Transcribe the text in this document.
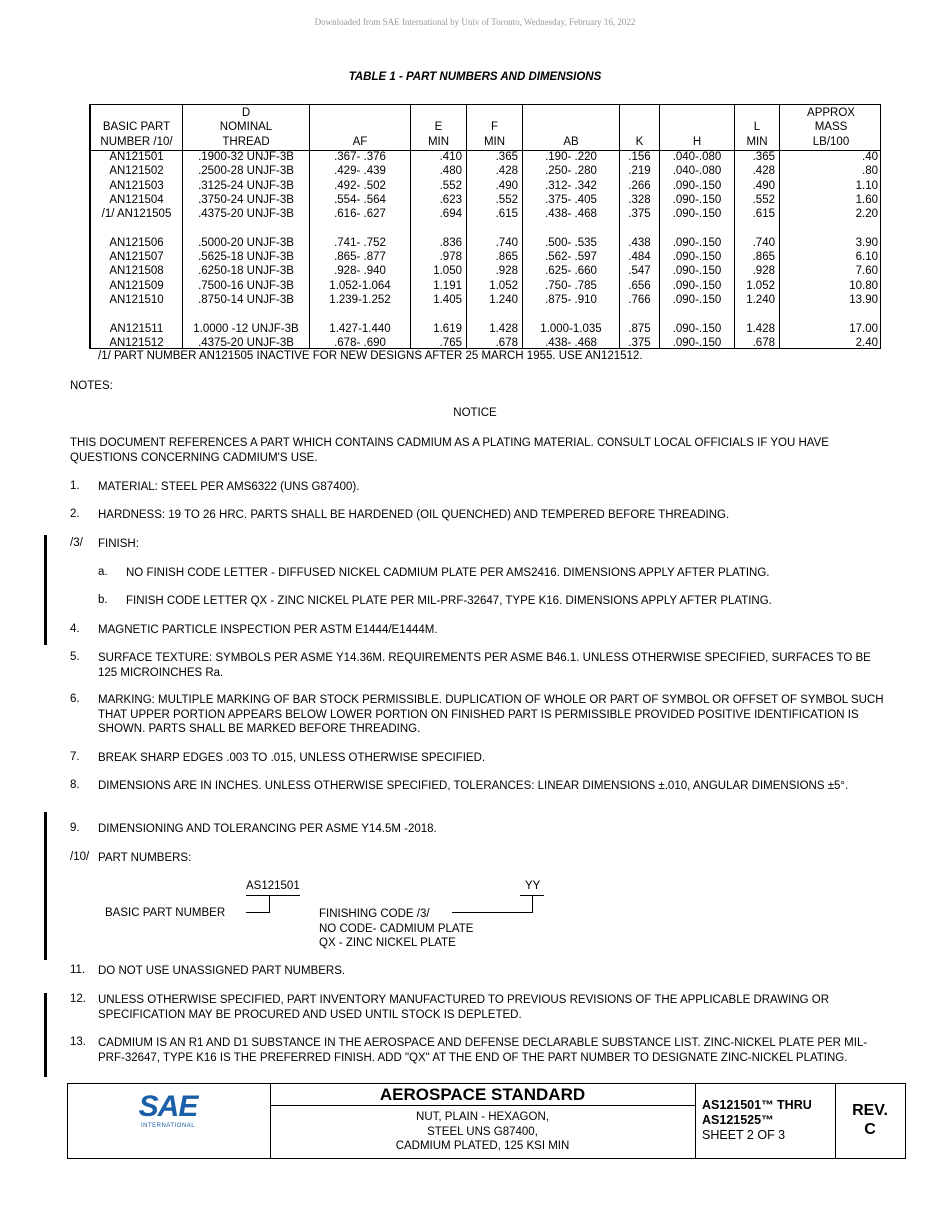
Downloaded from SAE International by Univ of Toronto, Wednesday, February 16, 2022
TABLE 1 - PART NUMBERS AND DIMENSIONS
BASIC PART
NUMBER /10/
AN121501
AN121502
AN121503
AN121504
/1/ AN121505
AN121506
AN121507
AN121508
AN121509
AN121510
AN121511
AN121512
D
NOMINAL
THREAD
.1900-32 UNJF-3B
.2500-28 UNJF-3B
.3125-24 UNJF-3B
.3750-24 UNJF-3B
.4375-20 UNJF-3B
.5000-20 UNJF-3B
.5625-18 UNJF-3B
.6250-18 UNJF-3B
.7500-16 UNJF-3B
.8750-14 UNJF-3B
1.0000 -12 UNJF-3B
.4375-20 UNJF-3B
AF
.367- .376
.429- .439
.492- .502
.554- .564
.616- .627
.741- .752
.865- .877
.928- .940
1.052-1.064
1.239-1.252
1.427-1.440
.678- .690
E
MIN
.410
.480
.552
.623
.694
.836
.978
1.050
1.191
1.405
1.619
.765
F
MIN
.365
.428
.490
.552
.615
.740
.865
.928
1.052
1.240
1.428
.678
AB
.190- .220
.250- .280
.312- .342
.375- .405
.438- .468
.500- .535
.562- .597
.625- .660
.750- .785
.875- .910
1.000-1.035
.438- .468
K
.156
.219
.266
.328
.375
.438
.484
.547
.656
.766
.875
.375
H
.040-.080
.040-.080
.090-.150
.090-.150
.090-.150
.090-.150
.090-.150
.090-.150
.090-.150
.090-.150
.090-.150
.090-.150
L
MIN
.365
.428
.490
.552
.615
.740
.865
.928
1.052
1.240
1.428
.678
APPROX
MASS
LB/100
.40
.80
1.10
1.60
2.20
3.90
6.10
7.60
10.80
13.90
17.00
2.40
/1/ PART NUMBER AN121505 INACTIVE FOR NEW DESIGNS AFTER 25 MARCH 1955. USE AN121512.
NOTES:
NOTICE
THIS DOCUMENT REFERENCES A PART WHICH CONTAINS CADMIUM AS A PLATING MATERIAL. CONSULT LOCAL OFFICIALS IF YOU HAVE QUESTIONS CONCERNING CADMIUM'S USE.
1. MATERIAL: STEEL PER AMS6322 (UNS G87400).
2. HARDNESS: 19 TO 26 HRC. PARTS SHALL BE HARDENED (OIL QUENCHED) AND TEMPERED BEFORE THREADING.
/3/ FINISH:
a. NO FINISH CODE LETTER - DIFFUSED NICKEL CADMIUM PLATE PER AMS2416. DIMENSIONS APPLY AFTER PLATING.
b. FINISH CODE LETTER QX - ZINC NICKEL PLATE PER MIL-PRF-32647, TYPE K16. DIMENSIONS APPLY AFTER PLATING.
4. MAGNETIC PARTICLE INSPECTION PER ASTM E1444/E1444M.
5. SURFACE TEXTURE: SYMBOLS PER ASME Y14.36M. REQUIREMENTS PER ASME B46.1. UNLESS OTHERWISE SPECIFIED, SURFACES TO BE 125 MICROINCHES Ra.
6. MARKING: MULTIPLE MARKING OF BAR STOCK PERMISSIBLE. DUPLICATION OF WHOLE OR PART OF SYMBOL OR OFFSET OF SYMBOL SUCH THAT UPPER PORTION APPEARS BELOW LOWER PORTION ON FINISHED PART IS PERMISSIBLE PROVIDED POSITIVE IDENTIFICATION IS SHOWN. PARTS SHALL BE MARKED BEFORE THREADING.
7. BREAK SHARP EDGES .003 TO .015, UNLESS OTHERWISE SPECIFIED.
8. DIMENSIONS ARE IN INCHES. UNLESS OTHERWISE SPECIFIED, TOLERANCES: LINEAR DIMENSIONS ±.010, ANGULAR DIMENSIONS ±5°.
9. DIMENSIONING AND TOLERANCING PER ASME Y14.5M -2018.
/10/ PART NUMBERS:
AS121501
BASIC PART NUMBER
YY
FINISHING CODE /3/
NO CODE- CADMIUM PLATE
QX - ZINC NICKEL PLATE
11. DO NOT USE UNASSIGNED PART NUMBERS.
12. UNLESS OTHERWISE SPECIFIED, PART INVENTORY MANUFACTURED TO PREVIOUS REVISIONS OF THE APPLICABLE DRAWING OR SPECIFICATION MAY BE PROCURED AND USED UNTIL STOCK IS DEPLETED.
13. CADMIUM IS AN R1 AND D1 SUBSTANCE IN THE AEROSPACE AND DEFENSE DECLARABLE SUBSTANCE LIST. ZINC-NICKEL PLATE PER MIL-PRF-32647, TYPE K16 IS THE PREFERRED FINISH. ADD "QX" AT THE END OF THE PART NUMBER TO DESIGNATE ZINC-NICKEL PLATING.
SAE
INTERNATIONAL
AEROSPACE STANDARD
NUT, PLAIN - HEXAGON,
STEEL UNS G87400,
CADMIUM PLATED, 125 KSI MIN
AS121501™ THRU
AS121525™
SHEET 2 OF 3
REV.
C
